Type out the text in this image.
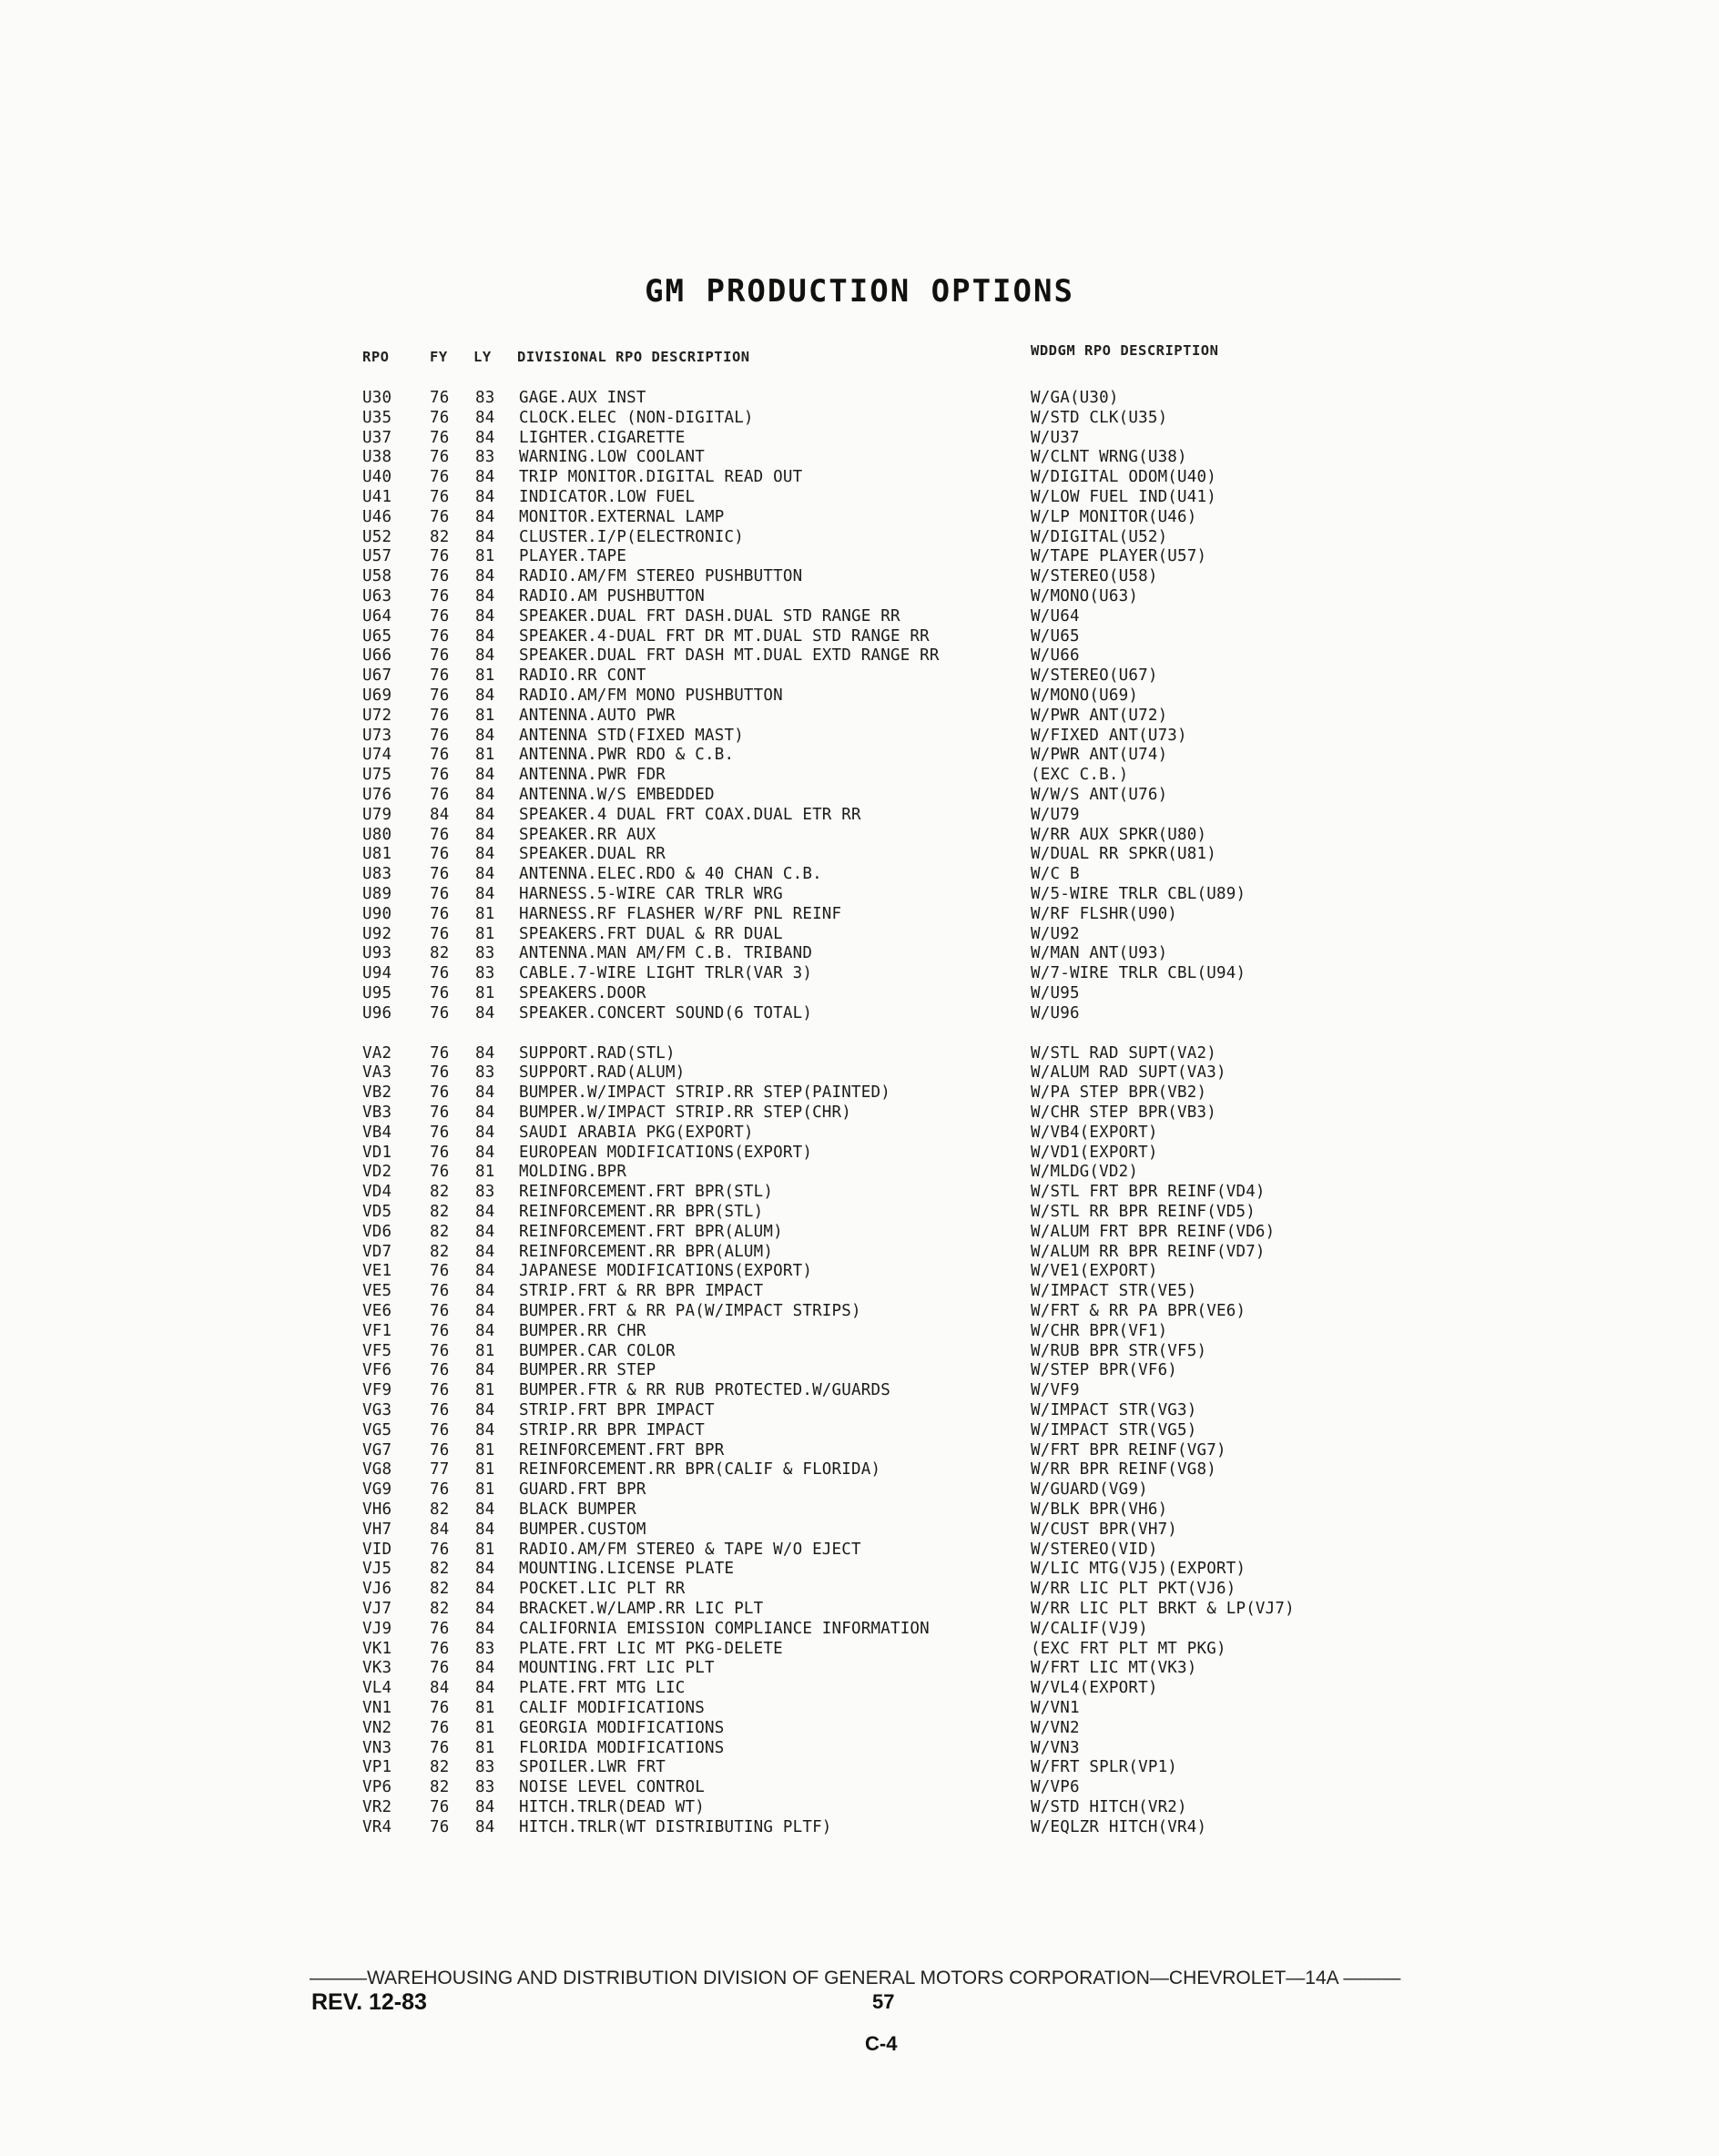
GM PRODUCTION OPTIONS
RPO	FY LY DIVISIONAL RPO DESCRIPTION	WDDGM RPO DESCRIPTION
U30 76 83 GAGE.AUX INST	W/GA(U30)
U35 76 84 CLOCK.ELEC (NON-DIGITAL)	W/STD CLK(U35)
U37 76 84 LIGHTER.CIGARETTE	W/U37
U38 76 83 WARNING.LOW COOLANT	W/CLNT WRNG(U38)
U40 76 84 TRIP MONITOR.DIGITAL READ OUT	W/DIGITAL ODOM(U40)
U41 76 84 INDICATOR.LOW FUEL	W/LOW FUEL IND(U41)
U46 76 84 MONITOR.EXTERNAL LAMP	W/LP MONITOR(U46)
U52 82 84 CLUSTER.I/P(ELECTRONIC)	W/DIGITAL(U52)
U57 76 81 PLAYER.TAPE	W/TAPE PLAYER(U57)
U58 76 84 RADIO.AM/FM STEREO PUSHBUTTON	W/STEREO(U58)
U63 76 84 RADIO.AM PUSHBUTTON	W/MONO(U63)
U64 76 84 SPEAKER.DUAL FRT DASH.DUAL STD RANGE RR	W/U64
U65 76 84 SPEAKER.4-DUAL FRT DR MT.DUAL STD RANGE RR	W/U65
U66 76 84 SPEAKER.DUAL FRT DASH MT.DUAL EXTD RANGE RR	W/U66
U67 76 81 RADIO.RR CONT	W/STEREO(U67)
U69 76 84 RADIO.AM/FM MONO PUSHBUTTON	W/MONO(U69)
U72 76 81 ANTENNA.AUTO PWR	W/PWR ANT(U72)
U73 76 84 ANTENNA STD(FIXED MAST)	W/FIXED ANT(U73)
U74 76 81 ANTENNA.PWR RDO & C.B.	W/PWR ANT(U74)
U75 76 84 ANTENNA.PWR FDR	(EXC C.B.)
U76 76 84 ANTENNA.W/S EMBEDDED	W/W/S ANT(U76)
U79 84 84 SPEAKER.4 DUAL FRT COAX.DUAL ETR RR	W/U79
U80 76 84 SPEAKER.RR AUX	W/RR AUX SPKR(U80)
U81 76 84 SPEAKER.DUAL RR	W/DUAL RR SPKR(U81)
U83 76 84 ANTENNA.ELEC.RDO & 40 CHAN C.B.	W/C B
U89 76 84 HARNESS.5-WIRE CAR TRLR WRG	W/5-WIRE TRLR CBL(U89)
U90 76 81 HARNESS.RF FLASHER W/RF PNL REINF	W/RF FLSHR(U90)
U92 76 81 SPEAKERS.FRT DUAL & RR DUAL	W/U92
U93 82 83 ANTENNA.MAN AM/FM C.B. TRIBAND	W/MAN ANT(U93)
U94 76 83 CABLE.7-WIRE LIGHT TRLR(VAR 3)	W/7-WIRE TRLR CBL(U94)
U95 76 81 SPEAKERS.DOOR	W/U95
U96 76 84 SPEAKER.CONCERT SOUND(6 TOTAL)	W/U96
VA2 76 84 SUPPORT.RAD(STL)	W/STL RAD SUPT(VA2)
VA3 76 83 SUPPORT.RAD(ALUM)	W/ALUM RAD SUPT(VA3)
VB2 76 84 BUMPER.W/IMPACT STRIP.RR STEP(PAINTED)	W/PA STEP BPR(VB2)
VB3 76 84 BUMPER.W/IMPACT STRIP.RR STEP(CHR)	W/CHR STEP BPR(VB3)
VB4 76 84 SAUDI ARABIA PKG(EXPORT)	W/VB4(EXPORT)
VD1 76 84 EUROPEAN MODIFICATIONS(EXPORT)	W/VD1(EXPORT)
VD2 76 81 MOLDING.BPR	W/MLDG(VD2)
VD4 82 83 REINFORCEMENT.FRT BPR(STL)	W/STL FRT BPR REINF(VD4)
VD5 82 84 REINFORCEMENT.RR BPR(STL)	W/STL RR BPR REINF(VD5)
VD6 82 84 REINFORCEMENT.FRT BPR(ALUM)	W/ALUM FRT BPR REINF(VD6)
VD7 82 84 REINFORCEMENT.RR BPR(ALUM)	W/ALUM RR BPR REINF(VD7)
VE1 76 84 JAPANESE MODIFICATIONS(EXPORT)	W/VE1(EXPORT)
VE5 76 84 STRIP.FRT & RR BPR IMPACT	W/IMPACT STR(VE5)
VE6 76 84 BUMPER.FRT & RR PA(W/IMPACT STRIPS)	W/FRT & RR PA BPR(VE6)
VF1 76 84 BUMPER.RR CHR	W/CHR BPR(VF1)
VF5 76 81 BUMPER.CAR COLOR	W/RUB BPR STR(VF5)
VF6 76 84 BUMPER.RR STEP	W/STEP BPR(VF6)
VF9 76 81 BUMPER.FTR & RR RUB PROTECTED.W/GUARDS	W/VF9
VG3 76 84 STRIP.FRT BPR IMPACT	W/IMPACT STR(VG3)
VG5 76 84 STRIP.RR BPR IMPACT	W/IMPACT STR(VG5)
VG7 76 81 REINFORCEMENT.FRT BPR	W/FRT BPR REINF(VG7)
VG8 77 81 REINFORCEMENT.RR BPR(CALIF & FLORIDA)	W/RR BPR REINF(VG8)
VG9 76 81 GUARD.FRT BPR	W/GUARD(VG9)
VH6 82 84 BLACK BUMPER	W/BLK BPR(VH6)
VH7 84 84 BUMPER.CUSTOM	W/CUST BPR(VH7)
VID 76 81 RADIO.AM/FM STEREO & TAPE W/O EJECT	W/STEREO(VID)
VJ5 82 84 MOUNTING.LICENSE PLATE	W/LIC MTG(VJ5)(EXPORT)
VJ6 82 84 POCKET.LIC PLT RR	W/RR LIC PLT PKT(VJ6)
VJ7 82 84 BRACKET.W/LAMP.RR LIC PLT	W/RR LIC PLT BRKT & LP(VJ7)
VJ9 76 84 CALIFORNIA EMISSION COMPLIANCE INFORMATION	W/CALIF(VJ9)
VK1 76 83 PLATE.FRT LIC MT PKG-DELETE	(EXC FRT PLT MT PKG)
VK3 76 84 MOUNTING.FRT LIC PLT	W/FRT LIC MT(VK3)
VL4 84 84 PLATE.FRT MTG LIC	W/VL4(EXPORT)
VN1 76 81 CALIF MODIFICATIONS	W/VN1
VN2 76 81 GEORGIA MODIFICATIONS	W/VN2
VN3 76 81 FLORIDA MODIFICATIONS	W/VN3
VP1 82 83 SPOILER.LWR FRT	W/FRT SPLR(VP1)
VP6 82 83 NOISE LEVEL CONTROL	W/VP6
VR2 76 84 HITCH.TRLR(DEAD WT)	W/STD HITCH(VR2)
VR4 76 84 HITCH.TRLR(WT DISTRIBUTING PLTF)	W/EQLZR HITCH(VR4)
———WAREHOUSING AND DISTRIBUTION DIVISION OF GENERAL MOTORS CORPORATION—CHEVROLET—14A ———
REV. 12-83	57
C-4
